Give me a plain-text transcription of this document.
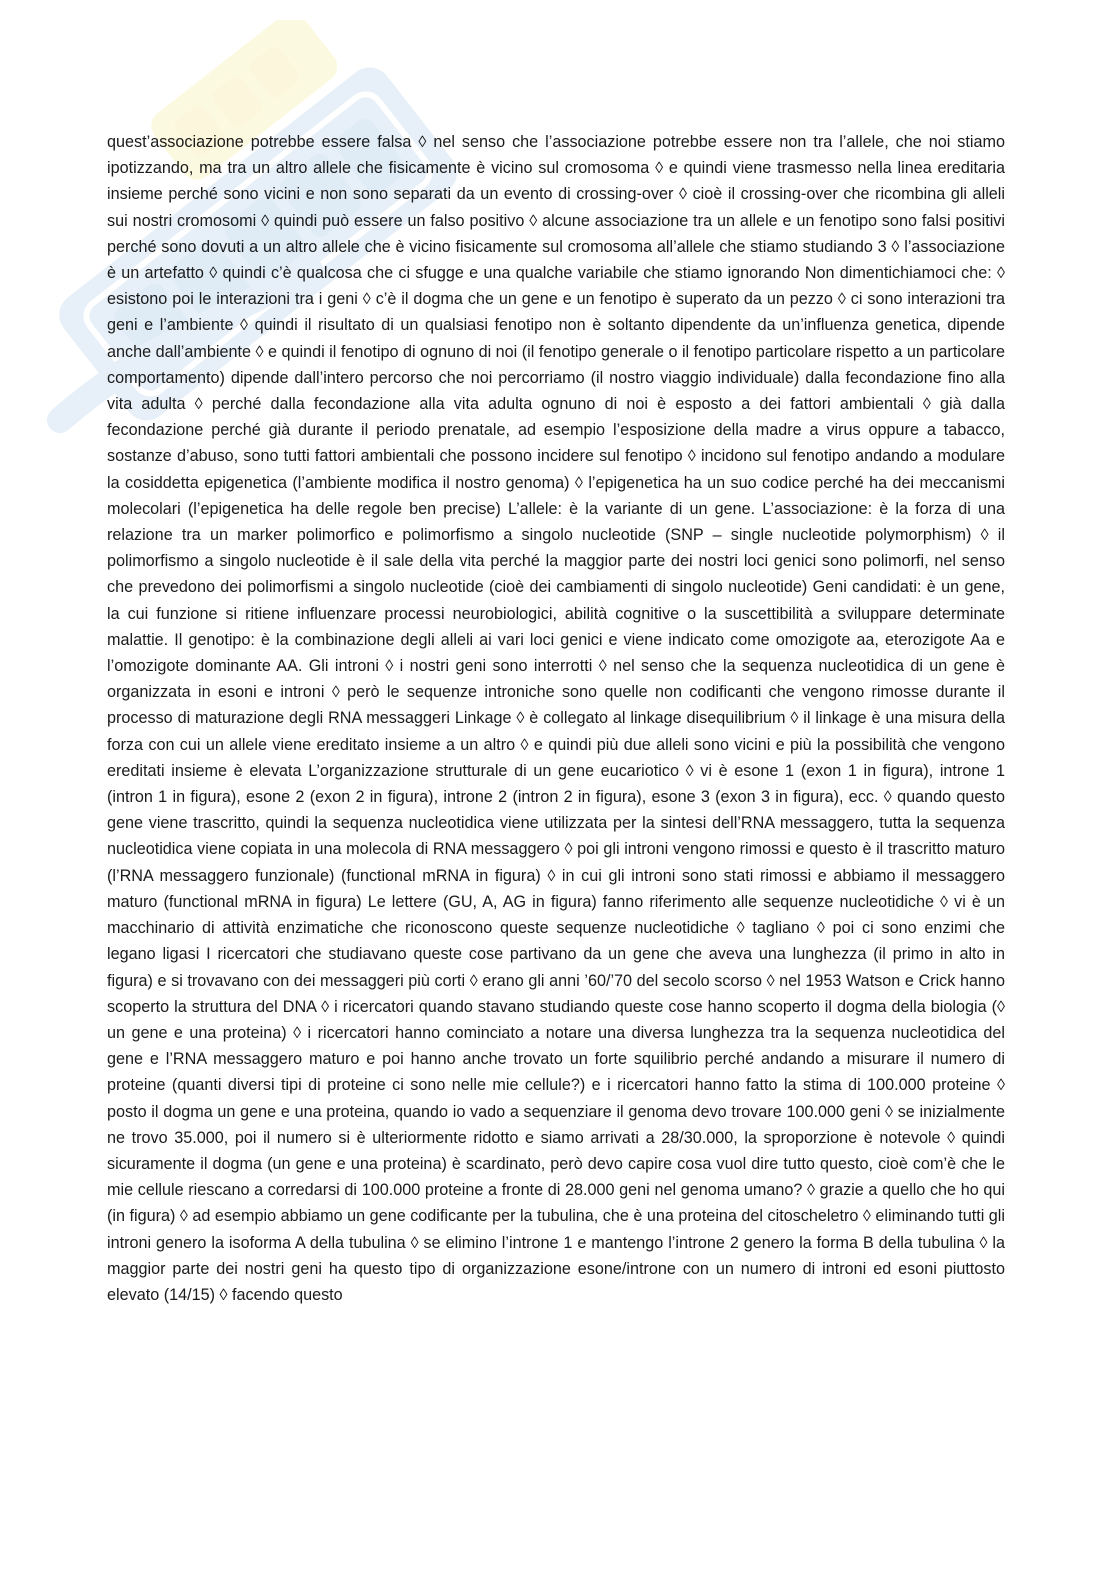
quest’associazione potrebbe essere falsa ◊ nel senso che l’associazione potrebbe essere non tra l’allele, che noi stiamo ipotizzando, ma tra un altro allele che fisicamente è vicino sul cromosoma ◊ e quindi viene trasmesso nella linea ereditaria insieme perché sono vicini e non sono separati da un evento di crossing-over ◊ cioè il crossing-over che ricombina gli alleli sui nostri cromosomi ◊ quindi può essere un falso positivo ◊ alcune associazione tra un allele e un fenotipo sono falsi positivi perché sono dovuti a un altro allele che è vicino fisicamente sul cromosoma all’allele che stiamo studiando 3 ◊ l’associazione è un artefatto ◊ quindi c’è qualcosa che ci sfugge e una qualche variabile che stiamo ignorando Non dimentichiamoci che: ◊ esistono poi le interazioni tra i geni ◊ c’è il dogma che un gene e un fenotipo è superato da un pezzo ◊ ci sono interazioni tra geni e l’ambiente ◊ quindi il risultato di un qualsiasi fenotipo non è soltanto dipendente da un’influenza genetica, dipende anche dall’ambiente ◊ e quindi il fenotipo di ognuno di noi (il fenotipo generale o il fenotipo particolare rispetto a un particolare comportamento) dipende dall’intero percorso che noi percorriamo (il nostro viaggio individuale) dalla fecondazione fino alla vita adulta ◊ perché dalla fecondazione alla vita adulta ognuno di noi è esposto a dei fattori ambientali ◊ già dalla fecondazione perché già durante il periodo prenatale, ad esempio l’esposizione della madre a virus oppure a tabacco, sostanze d’abuso, sono tutti fattori ambientali che possono incidere sul fenotipo ◊ incidono sul fenotipo andando a modulare la cosiddetta epigenetica (l’ambiente modifica il nostro genoma) ◊ l’epigenetica ha un suo codice perché ha dei meccanismi molecolari (l’epigenetica ha delle regole ben precise) L’allele: è la variante di un gene. L’associazione: è la forza di una relazione tra un marker polimorfico e polimorfismo a singolo nucleotide (SNP – single nucleotide polymorphism) ◊ il polimorfismo a singolo nucleotide è il sale della vita perché la maggior parte dei nostri loci genici sono polimorfi, nel senso che prevedono dei polimorfismi a singolo nucleotide (cioè dei cambiamenti di singolo nucleotide) Geni candidati: è un gene, la cui funzione si ritiene influenzare processi neurobiologici, abilità cognitive o la suscettibilità a sviluppare determinate malattie. Il genotipo: è la combinazione degli alleli ai vari loci genici e viene indicato come omozigote aa, eterozigote Aa e l’omozigote dominante AA. Gli introni ◊ i nostri geni sono interrotti ◊ nel senso che la sequenza nucleotidica di un gene è organizzata in esoni e introni ◊ però le sequenze introniche sono quelle non codificanti che vengono rimosse durante il processo di maturazione degli RNA messaggeri Linkage ◊ è collegato al linkage disequilibrium ◊ il linkage è una misura della forza con cui un allele viene ereditato insieme a un altro ◊ e quindi più due alleli sono vicini e più la possibilità che vengono ereditati insieme è elevata L’organizzazione strutturale di un gene eucariotico ◊ vi è esone 1 (exon 1 in figura), introne 1 (intron 1 in figura), esone 2 (exon 2 in figura), introne 2 (intron 2 in figura), esone 3 (exon 3 in figura), ecc. ◊ quando questo gene viene trascritto, quindi la sequenza nucleotidica viene utilizzata per la sintesi dell’RNA messaggero, tutta la sequenza nucleotidica viene copiata in una molecola di RNA messaggero ◊ poi gli introni vengono rimossi e questo è il trascritto maturo (l’RNA messaggero funzionale) (functional mRNA in figura) ◊ in cui gli introni sono stati rimossi e abbiamo il messaggero maturo (functional mRNA in figura) Le lettere (GU, A, AG in figura) fanno riferimento alle sequenze nucleotidiche ◊ vi è un macchinario di attività enzimatiche che riconoscono queste sequenze nucleotidiche ◊ tagliano ◊ poi ci sono enzimi che legano ligasi I ricercatori che studiavano queste cose partivano da un gene che aveva una lunghezza (il primo in alto in figura) e si trovavano con dei messaggeri più corti ◊ erano gli anni ’60/’70 del secolo scorso ◊ nel 1953 Watson e Crick hanno scoperto la struttura del DNA ◊ i ricercatori quando stavano studiando queste cose hanno scoperto il dogma della biologia (◊ un gene e una proteina) ◊ i ricercatori hanno cominciato a notare una diversa lunghezza tra la sequenza nucleotidica del gene e l’RNA messaggero maturo e poi hanno anche trovato un forte squilibrio perché andando a misurare il numero di proteine (quanti diversi tipi di proteine ci sono nelle mie cellule?) e i ricercatori hanno fatto la stima di 100.000 proteine ◊ posto il dogma un gene e una proteina, quando io vado a sequenziare il genoma devo trovare 100.000 geni ◊ se inizialmente ne trovo 35.000, poi il numero si è ulteriormente ridotto e siamo arrivati a 28/30.000, la sproporzione è notevole ◊ quindi sicuramente il dogma (un gene e una proteina) è scardinato, però devo capire cosa vuol dire tutto questo, cioè com’è che le mie cellule riescano a corredarsi di 100.000 proteine a fronte di 28.000 geni nel genoma umano? ◊ grazie a quello che ho qui (in figura) ◊ ad esempio abbiamo un gene codificante per la tubulina, che è una proteina del citoscheletro ◊ eliminando tutti gli introni genero la isoforma A della tubulina ◊ se elimino l’introne 1 e mantengo l’introne 2 genero la forma B della tubulina ◊ la maggior parte dei nostri geni ha questo tipo di organizzazione esone/introne con un numero di introni ed esoni piuttosto elevato (14/15) ◊ facendo questo
